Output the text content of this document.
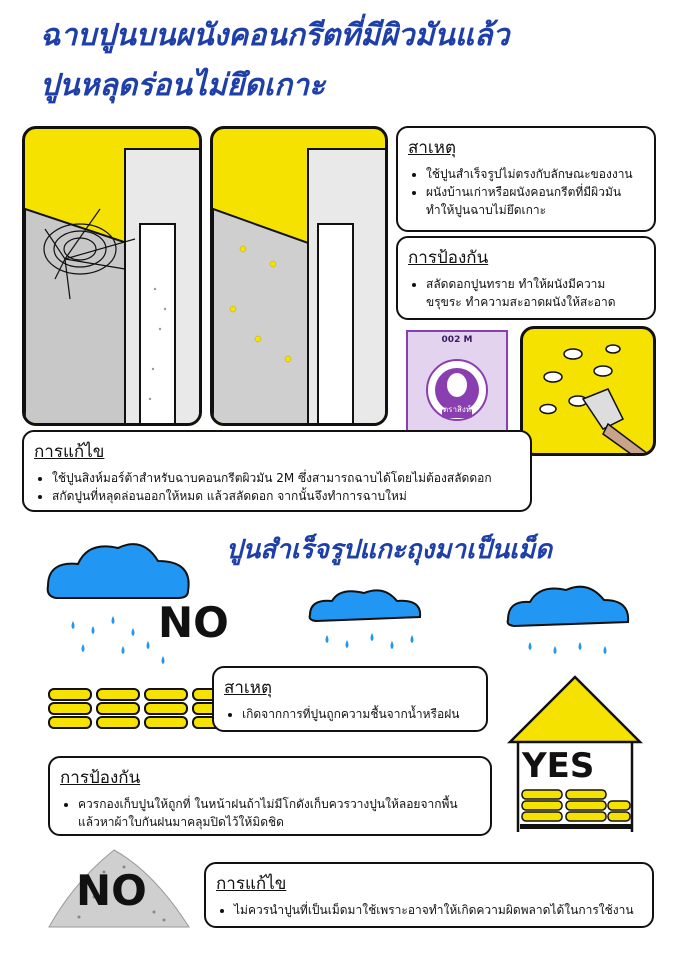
ฉาบปูนบนผนังคอนกรีตที่มีผิวมันแล้ว
ปูนหลุดร่อนไม่ยึดเกาะ

สาเหตุ

• ใช้ปูนสำเร็จรูปไม่ตรงกับลักษณะของงาน
• ผนังบ้านเก่าหรือผนังคอนกรีตที่มีผิวมัน ทำให้ปูนฉาบไม่ยึดเกาะ

การป้องกัน

• สลัดดอกปูนทราย ทำให้ผนังมีความ ขรุขระ ทำความสะอาดผนังให้สะอาด
002 M
ตราสิงห์

การแก้ไข

• ใช้ปูนสิงห์มอร์ต้าสำหรับฉาบคอนกรีตผิวมัน 2M ซึ่งสามารถฉาบได้โดยไม่ต้องสลัดดอก
• สกัดปูนที่หลุดล่อนออกให้หมด แล้วสลัดดอก จากนั้นจึงทำการฉาบใหม่
ปูนสำเร็จรูปแกะถุงมาเป็นเม็ด
NO

สาเหตุ

• เกิดจากการที่ปูนถูกความชื้นจากน้ำหรือฝน
YES

การป้องกัน

• ควรกองเก็บปูนให้ถูกที่ ในหน้าฝนถ้าไม่มีโกดังเก็บควรวางปูนให้ลอยจากพื้น แล้วหาผ้าใบกันฝนมาคลุมปิดไว้ให้มิดชิด
NO	การแก้ไข

• ไม่ควรนำปูนที่เป็นเม็ดมาใช้เพราะอาจทำให้เกิดความผิดพลาดได้ในการใช้งาน
